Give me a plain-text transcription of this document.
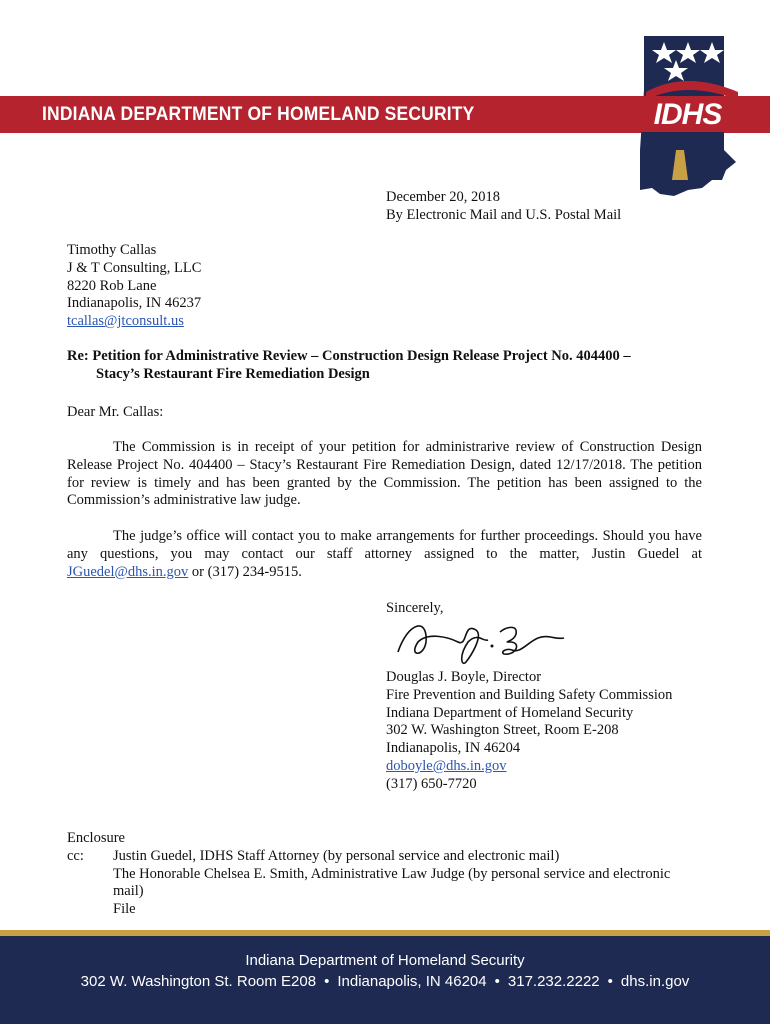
INDIANA DEPARTMENT OF HOMELAND SECURITY	IDHS
December 20, 2018
By Electronic Mail and U.S. Postal Mail
Timothy Callas
J & T Consulting, LLC
8220 Rob Lane
Indianapolis, IN 46237
tcallas@jtconsult.us
Re: Petition for Administrative Review – Construction Design Release Project No. 404400 –
Stacy’s Restaurant Fire Remediation Design
Dear Mr. Callas:

The Commission is in receipt of your petition for administrarive review of Construction Design Release Project No. 404400 – Stacy’s Restaurant Fire Remediation Design, dated 12/17/2018. The petition for review is timely and has been granted by the Commission. The petition has been assigned to the Commission’s administrative law judge.

The judge’s office will contact you to make arrangements for further proceedings. Should you have any questions, you may contact our staff attorney assigned to the matter, Justin Guedel at JGuedel@dhs.in.gov or (317) 234-9515.

Sincerely,
Douglas J. Boyle, Director
Fire Prevention and Building Safety Commission
Indiana Department of Homeland Security
302 W. Washington Street, Room E-208
Indianapolis, IN 46204
doboyle@dhs.in.gov
(317) 650-7720
Enclosure
cc:	Justin Guedel, IDHS Staff Attorney (by personal service and electronic mail)
The Honorable Chelsea E. Smith, Administrative Law Judge (by personal service and electronic mail)
File
Indiana Department of Homeland Security
302 W. Washington St. Room E208 • Indianapolis, IN 46204 • 317.232.2222 • dhs.in.gov
